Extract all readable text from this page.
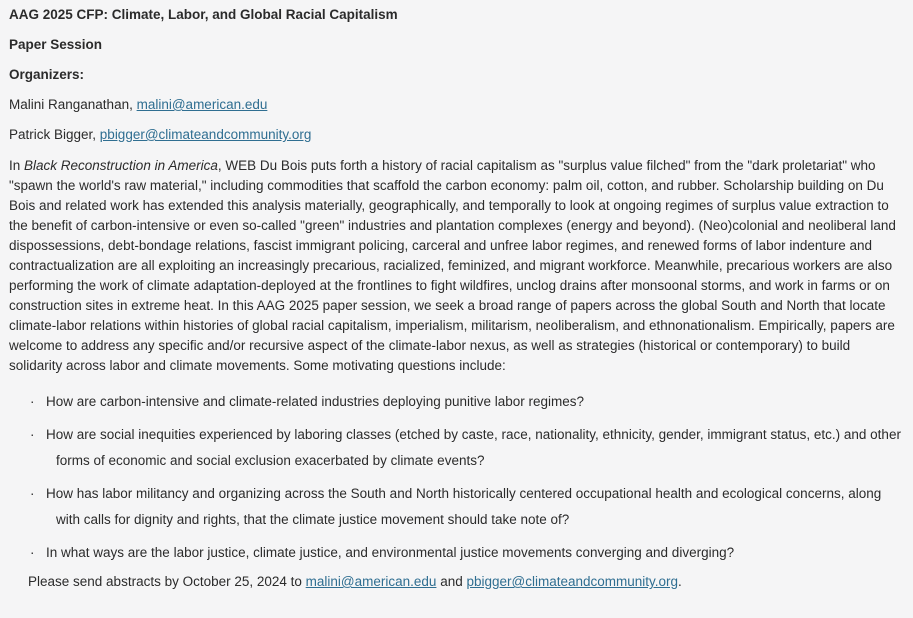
AAG 2025 CFP: Climate, Labor, and Global Racial Capitalism

Paper Session

Organizers:

Malini Ranganathan, malini@american.edu

Patrick Bigger, pbigger@climateandcommunity.org

In Black Reconstruction in America, WEB Du Bois puts forth a history of racial capitalism as "surplus value filched" from the "dark proletariat" who "spawn the world's raw material," including commodities that scaffold the carbon economy: palm oil, cotton, and rubber. Scholarship building on Du Bois and related work has extended this analysis materially, geographically, and temporally to look at ongoing regimes of surplus value extraction to the benefit of carbon-intensive or even so-called "green" industries and plantation complexes (energy and beyond). (Neo)colonial and neoliberal land dispossessions, debt-bondage relations, fascist immigrant policing, carceral and unfree labor regimes, and renewed forms of labor indenture and contractualization are all exploiting an increasingly precarious, racialized, feminized, and migrant workforce. Meanwhile, precarious workers are also performing the work of climate adaptation-deployed at the frontlines to fight wildfires, unclog drains after monsoonal storms, and work in farms or on construction sites in extreme heat. In this AAG 2025 paper session, we seek a broad range of papers across the global South and North that locate climate-labor relations within histories of global racial capitalism, imperialism, militarism, neoliberalism, and ethnonationalism. Empirically, papers are welcome to address any specific and/or recursive aspect of the climate-labor nexus, as well as strategies (historical or contemporary) to build solidarity across labor and climate movements. Some motivating questions include:

· How are carbon-intensive and climate-related industries deploying punitive labor regimes?
· How are social inequities experienced by laboring classes (etched by caste, race, nationality, ethnicity, gender, immigrant status, etc.) and other forms of economic and social exclusion exacerbated by climate events?
· How has labor militancy and organizing across the South and North historically centered occupational health and ecological concerns, along with calls for dignity and rights, that the climate justice movement should take note of?
· In what ways are the labor justice, climate justice, and environmental justice movements converging and diverging?

Please send abstracts by October 25, 2024 to malini@american.edu and pbigger@climateandcommunity.org.
